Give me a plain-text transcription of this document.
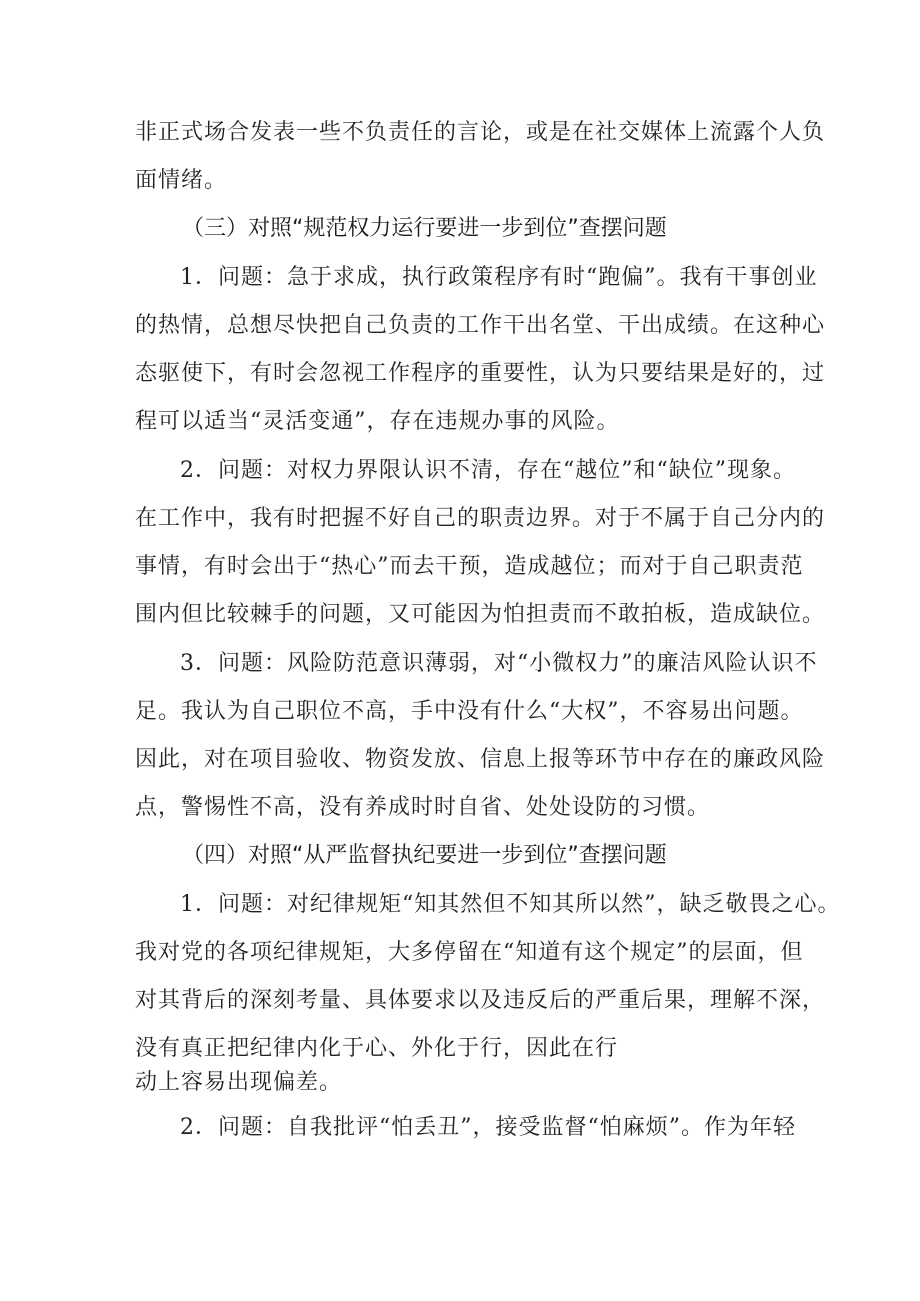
非正式场合发表一些不负责任的言论，或是在社交媒体上流露个人负
面情绪。
（三）对照“规范权力运行要进一步到位”查摆问题
1．问题：急于求成，执行政策程序有时“跑偏”。我有干事创业
的热情，总想尽快把自己负责的工作干出名堂、干出成绩。在这种心
态驱使下，有时会忽视工作程序的重要性，认为只要结果是好的，过
程可以适当“灵活变通”，存在违规办事的风险。
2．问题：对权力界限认识不清，存在“越位”和“缺位”现象。
在工作中，我有时把握不好自己的职责边界。对于不属于自己分内的
事情，有时会出于“热心”而去干预，造成越位；而对于自己职责范
围内但比较棘手的问题，又可能因为怕担责而不敢拍板，造成缺位。
3．问题：风险防范意识薄弱，对“小微权力”的廉洁风险认识不
足。我认为自己职位不高，手中没有什么“大权”，不容易出问题。
因此，对在项目验收、物资发放、信息上报等环节中存在的廉政风险
点，警惕性不高，没有养成时时自省、处处设防的习惯。
（四）对照“从严监督执纪要进一步到位”查摆问题
1．问题：对纪律规矩“知其然但不知其所以然”，缺乏敬畏之心。
我对党的各项纪律规矩，大多停留在“知道有这个规定”的层面，但
对其背后的深刻考量、具体要求以及违反后的严重后果，理解不深，
没有真正把纪律内化于心、外化于行，因此在行
动上容易出现偏差。
2．问题：自我批评“怕丢丑”，接受监督“怕麻烦”。作为年轻
